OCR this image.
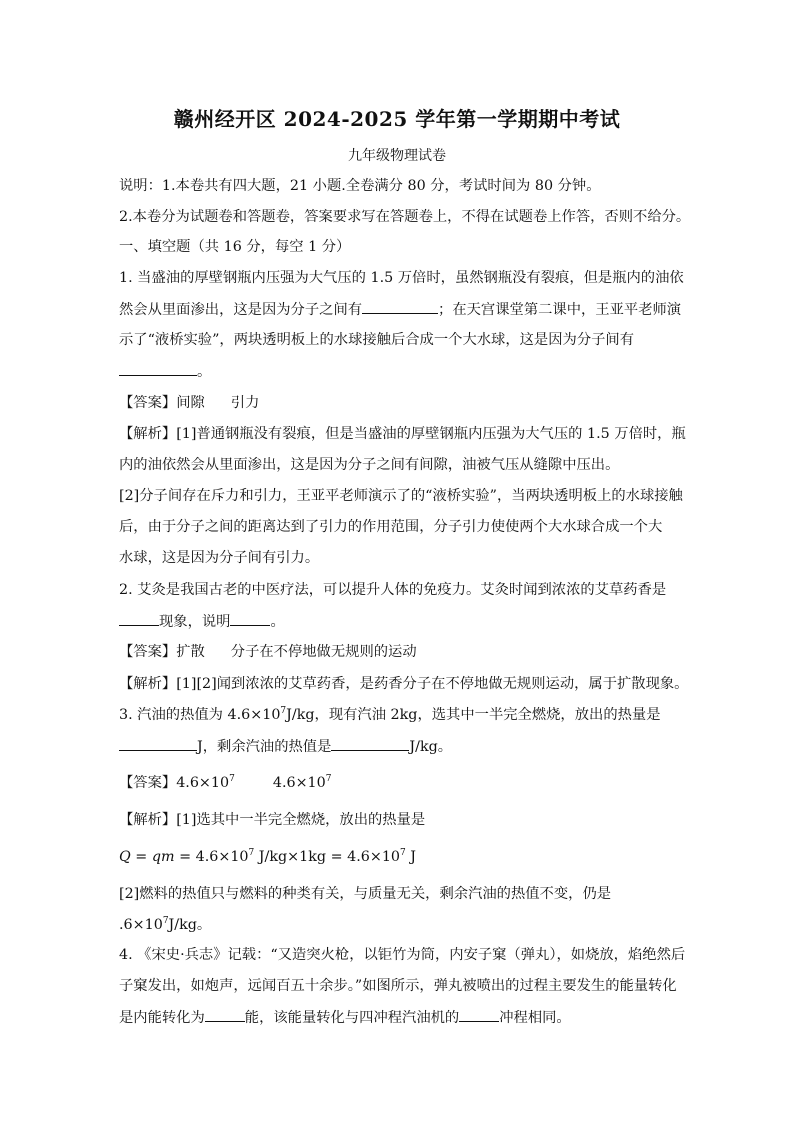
赣州经开区 2024-2025 学年第一学期期中考试
九年级物理试卷
说明：1.本卷共有四大题，21 小题.全卷满分 80 分，考试时间为 80 分钟。
2.本卷分为试题卷和答题卷，答案要求写在答题卷上，不得在试题卷上作答，否则不给分。
一、填空题（共 16 分，每空 1 分）
1. 当盛油的厚壁钢瓶内压强为大气压的 1.5 万倍时，虽然钢瓶没有裂痕，但是瓶内的油依
然会从里面渗出，这是因为分子之间有	；在天宫课堂第二课中，王亚平老师演
示了“液桥实验”，两块透明板上的水球接触后合成一个大水球，这是因为分子间有
。
【答案】间隙 引力
【解析】[1]普通钢瓶没有裂痕，但是当盛油的厚壁钢瓶内压强为大气压的 1.5 万倍时，瓶
内的油依然会从里面渗出，这是因为分子之间有间隙，油被气压从缝隙中压出。
[2]分子间存在斥力和引力，王亚平老师演示了的“液桥实验”，当两块透明板上的水球接触
后，由于分子之间的距离达到了引力的作用范围，分子引力使使两个大水球合成一个大
水球，这是因为分子间有引力。
2. 艾灸是我国古老的中医疗法，可以提升人体的免疫力。艾灸时闻到浓浓的艾草药香是
现象，说明	。
【答案】扩散 分子在不停地做无规则的运动
【解析】[1][2]闻到浓浓的艾草药香，是药香分子在不停地做无规则运动，属于扩散现象。
3. 汽油的热值为 $4.6\times 10^7J/kg$，现有汽油 2kg，选其中一半完全燃烧，放出的热量是
J，剩余汽油的热值是	J/kg。
【答案】$4.6\times 10^7$	$4.6\times 10^7$
【解析】[1]选其中一半完全燃烧，放出的热量是
Q = qm = $4.6\times 10^7$ $J/kg\times 1kg = 4.6\times 10^7$ J
[2]燃料的热值只与燃料的种类有关，与质量无关，剩余汽油的热值不变，仍是
$.6\times 10^7J/kg$。
4. 《宋史·兵志》记载：“又造突火枪，以钜竹为筒，内安子窠（弹丸），如烧放，焰绝然后
子窠发出，如炮声，远闻百五十余步。”如图所示，弹丸被喷出的过程主要发生的能量转化
是内能转化为	能，该能量转化与四冲程汽油机的	冲程相同。
